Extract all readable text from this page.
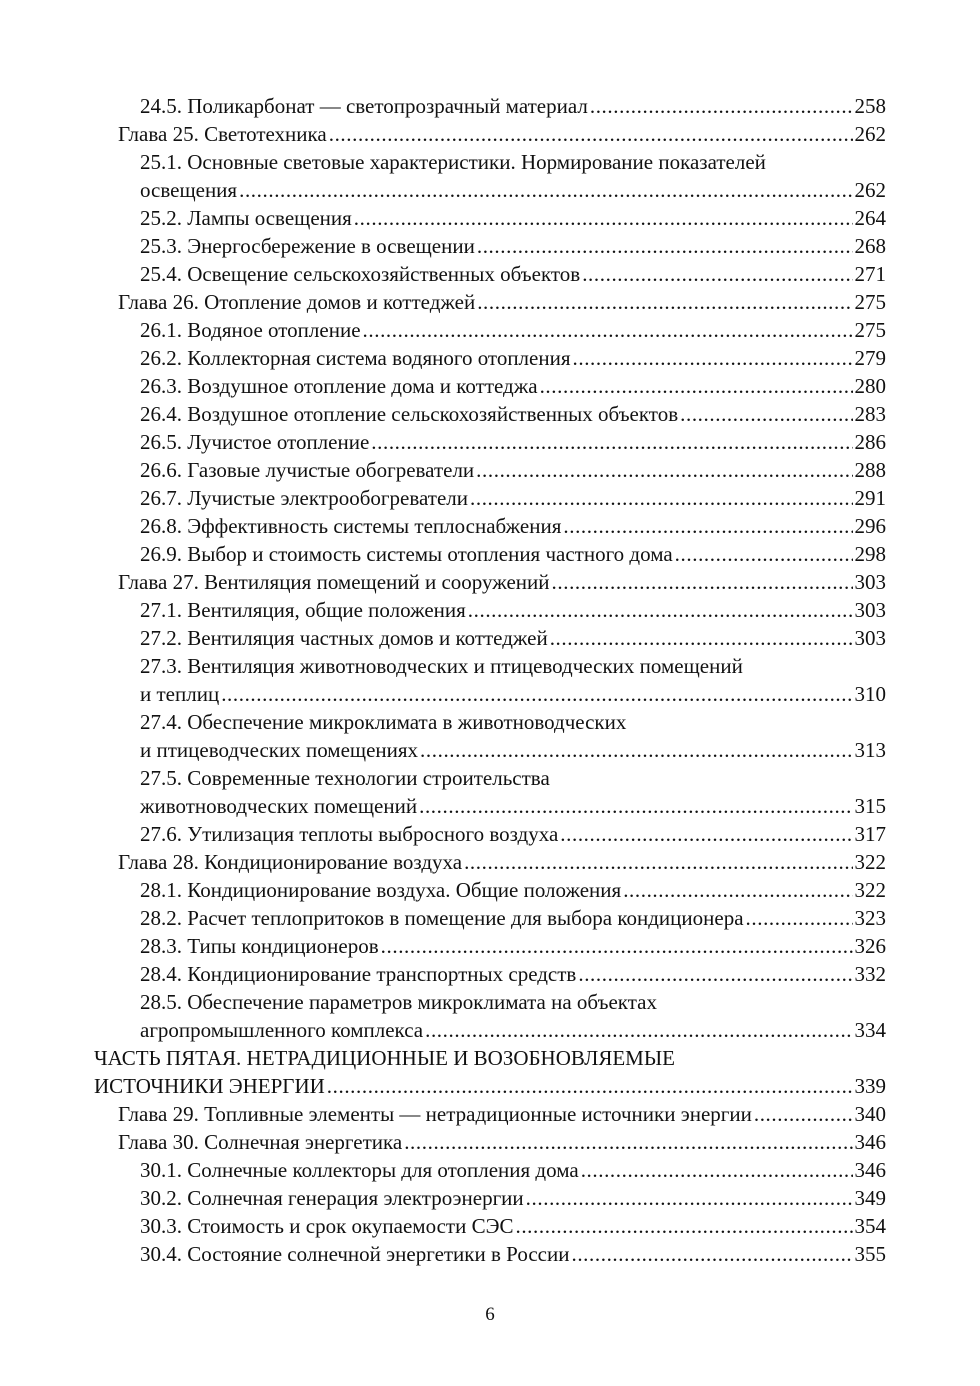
24.5. Поликарбонат — светопрозрачный материал .....	258
Глава 25. Светотехника .....	262
25.1. Основные световые характеристики. Нормирование показателей
освещения .....	262
25.2. Лампы освещения .....	264
25.3. Энергосбережение в освещении .....	268
25.4. Освещение сельскохозяйственных объектов .....	271
Глава 26. Отопление домов и коттеджей .....	275
26.1. Водяное отопление .....	275
26.2. Коллекторная система водяного отопления .....	279
26.3. Воздушное отопление дома и коттеджа .....	280
26.4. Воздушное отопление сельскохозяйственных объектов .....	283
26.5. Лучистое отопление .....	286
26.6. Газовые лучистые обогреватели .....	288
26.7. Лучистые электрообогреватели .....	291
26.8. Эффективность системы теплоснабжения .....	296
26.9. Выбор и стоимость системы отопления частного дома .....	298
Глава 27. Вентиляция помещений и сооружений .....	303
27.1. Вентиляция, общие положения .....	303
27.2. Вентиляция частных домов и коттеджей .....	303
27.3. Вентиляция животноводческих и птицеводческих помещений
и теплиц .....	310
27.4. Обеспечение микроклимата в животноводческих
и птицеводческих помещениях .....	313
27.5. Современные технологии строительства
животноводческих помещений .....	315
27.6. Утилизация теплоты выбросного воздуха .....	317
Глава 28. Кондиционирование воздуха .....	322
28.1. Кондиционирование воздуха. Общие положения .....	322
28.2. Расчет теплопритоков в помещение для выбора кондиционера .....	323
28.3. Типы кондиционеров .....	326
28.4. Кондиционирование транспортных средств .....	332
28.5. Обеспечение параметров микроклимата на объектах
агропромышленного комплекса .....	334
ЧАСТЬ ПЯТАЯ. НЕТРАДИЦИОННЫЕ И ВОЗОБНОВЛЯЕМЫЕ
ИСТОЧНИКИ ЭНЕРГИИ .....	339
Глава 29. Топливные элементы — нетрадиционные источники энергии .....	340
Глава 30. Солнечная энергетика .....	346
30.1. Солнечные коллекторы для отопления дома .....	346
30.2. Солнечная генерация электроэнергии .....	349
30.3. Стоимость и срок окупаемости СЭС .....	354
30.4. Состояние солнечной энергетики в России .....	355
6
